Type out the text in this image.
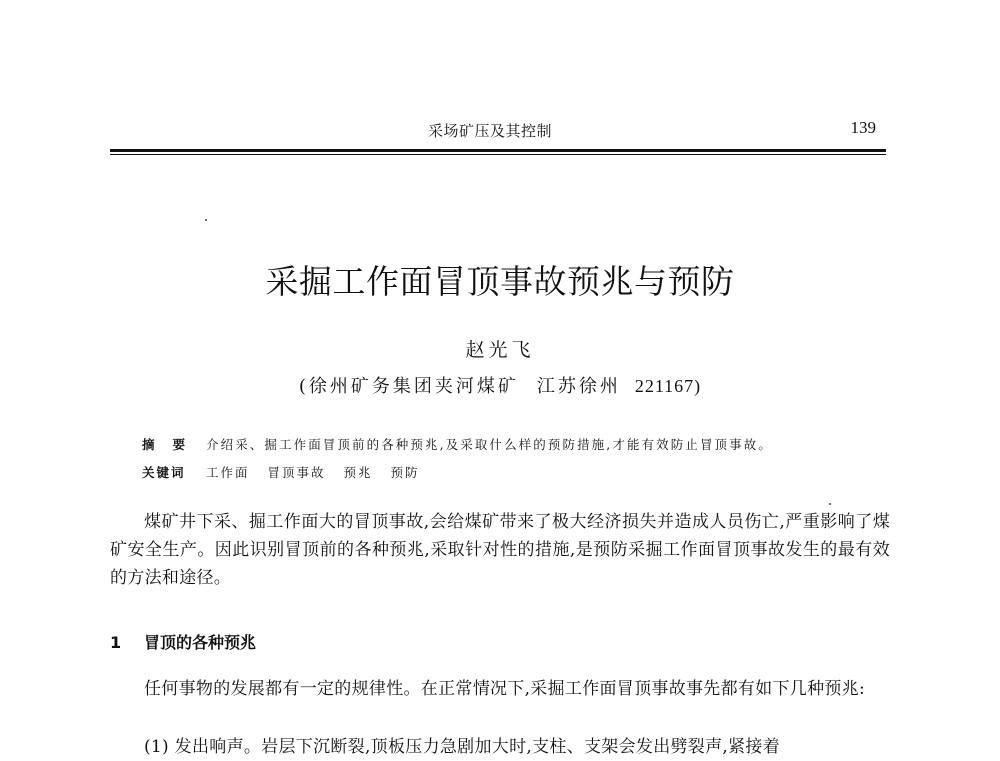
采场矿压及其控制	139
采掘工作面冒顶事故预兆与预防
赵光飞
(徐州矿务集团夹河煤矿 江苏徐州 221167)
摘要 介绍采、掘工作面冒顶前的各种预兆,及采取什么样的预防措施,才能有效防止冒顶事故。
关键词 工作面 冒顶事故 预兆 预防

煤矿井下采、掘工作面大的冒顶事故,会给煤矿带来了极大经济损失并造成人员伤亡,严重影响了煤矿安全生产。因此识别冒顶前的各种预兆,采取针对性的措施,是预防采掘工作面冒顶事故发生的最有效的方法和途径。

1 冒顶的各种预兆

任何事物的发展都有一定的规律性。在正常情况下,采掘工作面冒顶事故事先都有如下几种预兆:

(1) 发出响声。岩层下沉断裂,顶板压力急剧加大时,支柱、支架会发出劈裂声,紧接着
